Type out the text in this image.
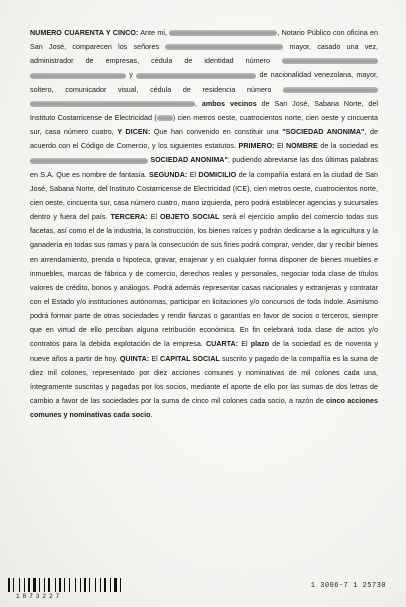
NUMERO CUARENTA Y CINCO: Ante mi,	, Notario Público con oficina en San José, comparecen los señores	mayor, casado una vez, administrador de empresas, cédula de identidad número  y	de nacionalidad venezolana, mayor, soltero, comunicador visual, cédula de residencia número  , ambos vecinos de San José, Sabana Norte, del Instituto Costarricense de Electricidad ( ) cien metros oeste, cuatrocientos norte, cien oeste y cincuenta sur, casa número cuatro, Y DICEN: Que han convenido en constituir una "SOCIEDAD ANONIMA", de acuerdo con el Código de Comercio, y los siguientes estatutos. PRIMERO: El NOMBRE de la sociedad es  SOCIEDAD ANONIMA"; pudiendo abreviarse las dos últimas palabras en S.A. Que es nombre de fantasía. SEGUNDA: El DOMICILIO de la compañía estará en la ciudad de San José, Sabana Norte, del Instituto Costarricense de Electricidad (ICE), cien metros oeste, cuatrocientos norte, cien oeste, cincuenta sur, casa número cuatro, mano izquierda, pero podrá establecer agencias y sucursales dentro y fuera del país. TERCERA: El OBJETO SOCIAL será el ejercicio amplio del comercio todas sus facetas, así como el de la industria, la construcción, los bienes raíces y podrán dedicarse a la agricultura y la ganadería en todas sus ramas y para la consecución de sus fines podrá comprar, vender, dar y recibir bienes en arrendamiento, prenda o hipoteca, gravar, enajenar y en cualquier forma disponer de bienes muebles e inmuebles, marcas de fábrica y de comercio, derechos reales y personales, negociar toda clase de títulos valores de crédito, bonos y análogos. Podrá además representar casas nacionales y extranjeras y contratar con el Estado y/o instituciones autónomas, participar en licitaciones y/o concursos de toda índole. Asimismo podrá formar parte de otras sociedades y rendir fianzas o garantías en favor de socios o terceros, siempre que en virtud de ello perciban alguna retribución económica. En fin celebrará toda clase de actos y/o contratos para la debida explotación de la empresa. CUARTA: El plazo de la sociedad es de noventa y nueve años a partir de hoy. QUINTA: El CAPITAL SOCIAL suscrito y pagado de la compañía es la suma de diez mil colones, representado por diez acciones comunes y nominativas de mil colones cada una, íntegramente suscritas y pagadas por los socios, mediante el aporte de ello por las sumas de dos letras de cambio a favor de las sociedades por la suma de cinco mil colones cada socio, a razón de cinco acciones comunes y nominativas cada socio.

1873227
1 3006-7 1 25730
